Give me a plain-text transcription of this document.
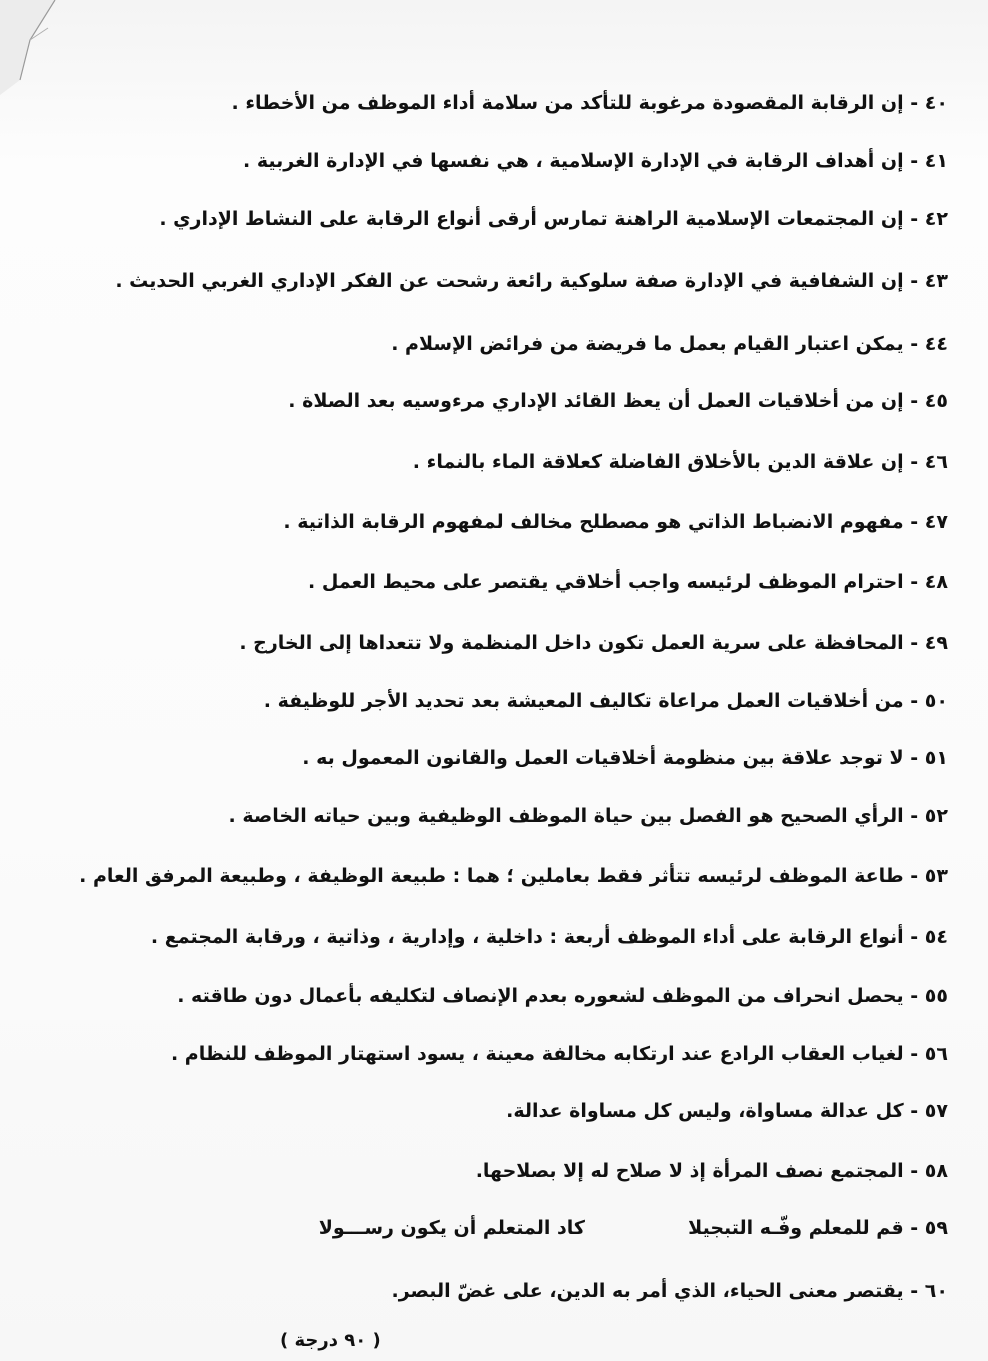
٤٠ - إن الرقابة المقصودة مرغوبة للتأكد من سلامة أداء الموظف من الأخطاء .
٤١ - إن أهداف الرقابة في الإدارة الإسلامية ، هي نفسها في الإدارة الغربية .
٤٢ - إن المجتمعات الإسلامية الراهنة تمارس أرقى أنواع الرقابة على النشاط الإداري .
٤٣ - إن الشفافية في الإدارة صفة سلوكية رائعة رشحت عن الفكر الإداري الغربي الحديث .
٤٤ - يمكن اعتبار القيام بعمل ما فريضة من فرائض الإسلام .
٤٥ - إن من أخلاقيات العمل أن يعظ القائد الإداري مرءوسيه بعد الصلاة .
٤٦ - إن علاقة الدين بالأخلاق الفاضلة كعلاقة الماء بالنماء .
٤٧ - مفهوم الانضباط الذاتي هو مصطلح مخالف لمفهوم الرقابة الذاتية .
٤٨ - احترام الموظف لرئيسه واجب أخلاقي يقتصر على محيط العمل .
٤٩ - المحافظة على سرية العمل تكون داخل المنظمة ولا تتعداها إلى الخارج .
٥٠ - من أخلاقيات العمل مراعاة تكاليف المعيشة بعد تحديد الأجر للوظيفة .
٥١ - لا توجد علاقة بين منظومة أخلاقيات العمل والقانون المعمول به .
٥٢ - الرأي الصحيح هو الفصل بين حياة الموظف الوظيفية وبين حياته الخاصة .
٥٣ - طاعة الموظف لرئيسه تتأثر فقط بعاملين ؛ هما : طبيعة الوظيفة ، وطبيعة المرفق العام .
٥٤ - أنواع الرقابة على أداء الموظف أربعة : داخلية ، وإدارية ، وذاتية ، ورقابة المجتمع .
٥٥ - يحصل انحراف من الموظف لشعوره بعدم الإنصاف لتكليفه بأعمال دون طاقته .
٥٦ - لغياب العقاب الرادع عند ارتكابه مخالفة معينة ، يسود استهتار الموظف للنظام .
٥٧ - كل عدالة مساواة، وليس كل مساواة عدالة.
٥٨ - المجتمع نصف المرأة إذ لا صلاح له إلا بصلاحها.
٥٩ - قم للمعلم وفّـه التبجيلا  كاد المتعلم أن يكون رســـولا
٦٠ - يقتصر معنى الحياء، الذي أمر به الدين، على غضّ البصر.
( ٩٠ درجة )
